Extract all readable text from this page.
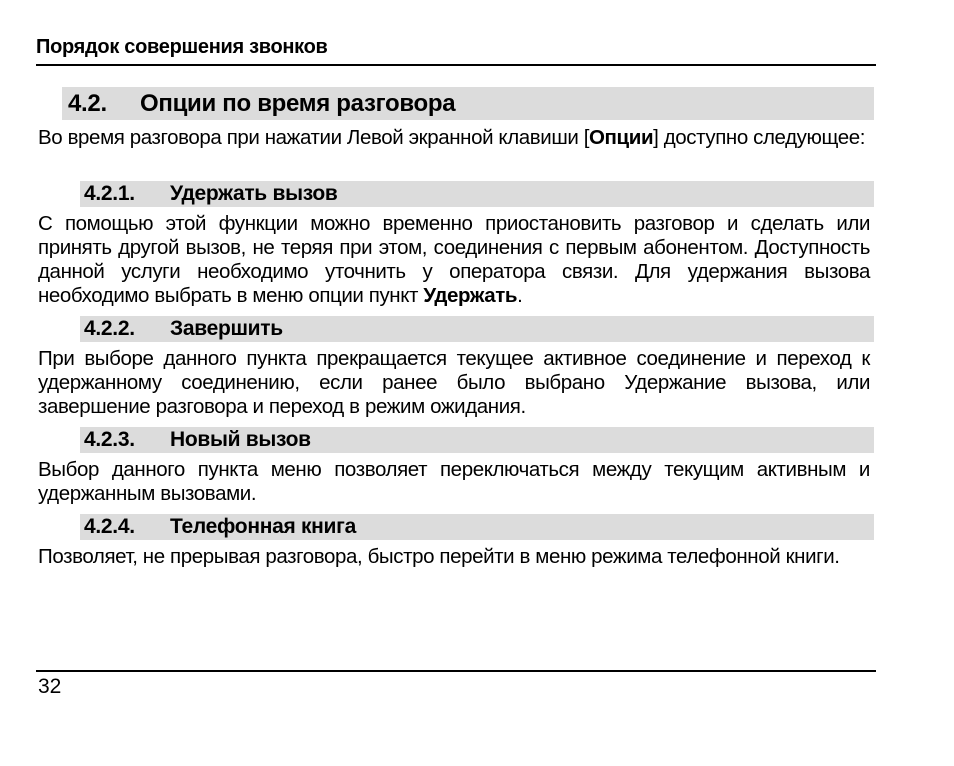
Порядок совершения звонков
4.2.	Опции по время разговора

Во время разговора при нажатии Левой экранной клавиши [Опции] доступно следующее:

4.2.1.	Удержать вызов

С помощью этой функции можно временно приостановить разговор и сделать или принять другой вызов, не теряя при этом, соединения с первым абонентом. Доступность данной услуги необходимо уточнить у оператора связи. Для удержания вызова необходимо выбрать в меню опции пункт Удержать.

4.2.2.	Завершить

При выборе данного пункта прекращается текущее активное соединение и переход к удержанному соединению, если ранее было выбрано Удержание вызова, или завершение разговора и переход в режим ожидания.

4.2.3.	Новый вызов

Выбор данного пункта меню позволяет переключаться между текущим активным и удержанным вызовами.

4.2.4.	Телефонная книга

Позволяет, не прерывая разговора, быстро перейти в меню режима телефонной книги.

32
